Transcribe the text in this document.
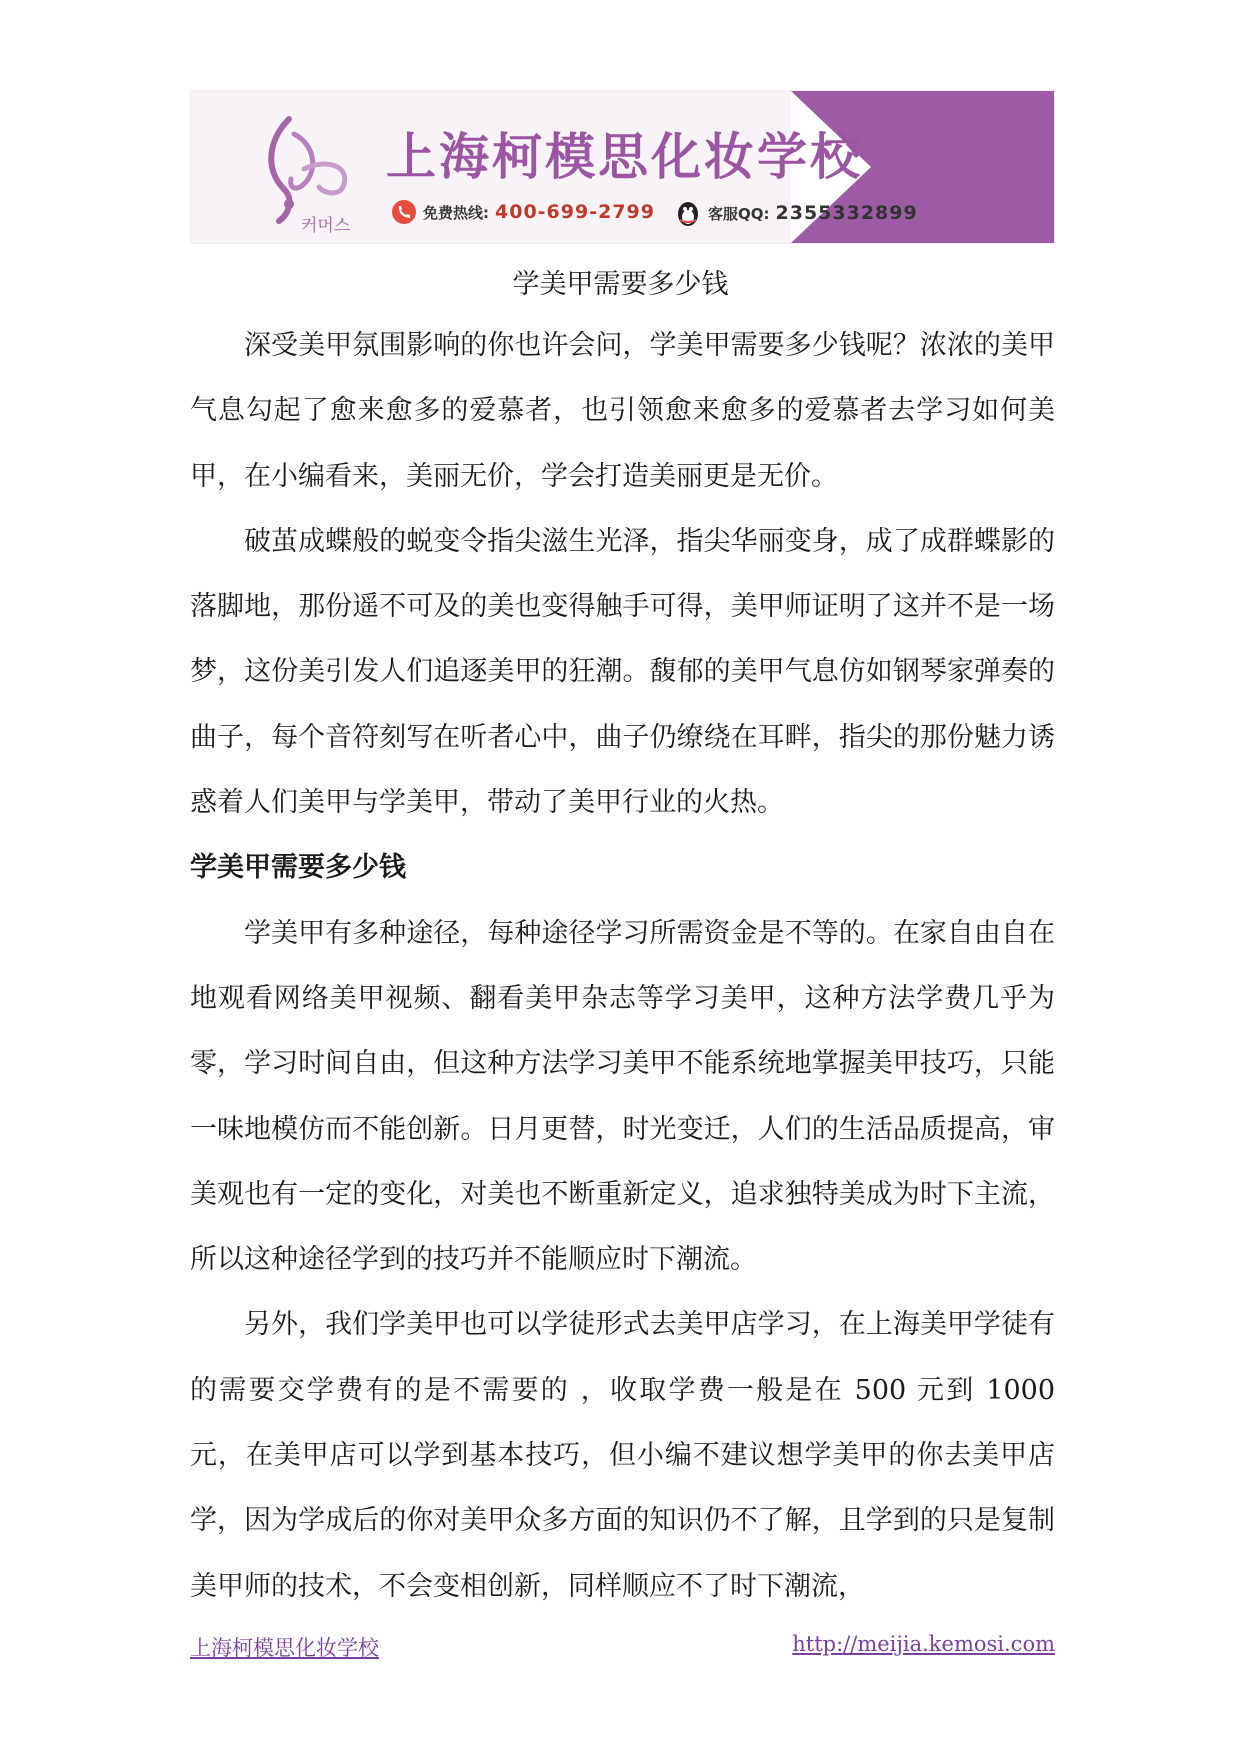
커머스
上海柯模思化妆学校
免费热线: 400-699-2799	客服QQ: 2355332899
学美甲需要多少钱

深受美甲氛围影响的你也许会问，学美甲需要多少钱呢？浓浓的美甲气息勾起了愈来愈多的爱慕者，也引领愈来愈多的爱慕者去学习如何美甲，在小编看来，美丽无价，学会打造美丽更是无价。

破茧成蝶般的蜕变令指尖滋生光泽，指尖华丽变身，成了成群蝶影的落脚地，那份遥不可及的美也变得触手可得，美甲师证明了这并不是一场梦，这份美引发人们追逐美甲的狂潮。馥郁的美甲气息仿如钢琴家弹奏的曲子，每个音符刻写在听者心中，曲子仍缭绕在耳畔，指尖的那份魅力诱惑着人们美甲与学美甲，带动了美甲行业的火热。

学美甲需要多少钱

学美甲有多种途径，每种途径学习所需资金是不等的。在家自由自在地观看网络美甲视频、翻看美甲杂志等学习美甲，这种方法学费几乎为零，学习时间自由，但这种方法学习美甲不能系统地掌握美甲技巧，只能一味地模仿而不能创新。日月更替，时光变迁，人们的生活品质提高，审美观也有一定的变化，对美也不断重新定义，追求独特美成为时下主流，所以这种途径学到的技巧并不能顺应时下潮流。

另外，我们学美甲也可以学徒形式去美甲店学习，在上海美甲学徒有的需要交学费有的是不需要的 ，收取学费一般是在 500 元到 1000 元，在美甲店可以学到基本技巧，但小编不建议想学美甲的你去美甲店学，因为学成后的你对美甲众多方面的知识仍不了解，且学到的只是复制美甲师的技术，不会变相创新，同样顺应不了时下潮流，

上海柯模思化妆学校	http://meijia.kemosi.com
